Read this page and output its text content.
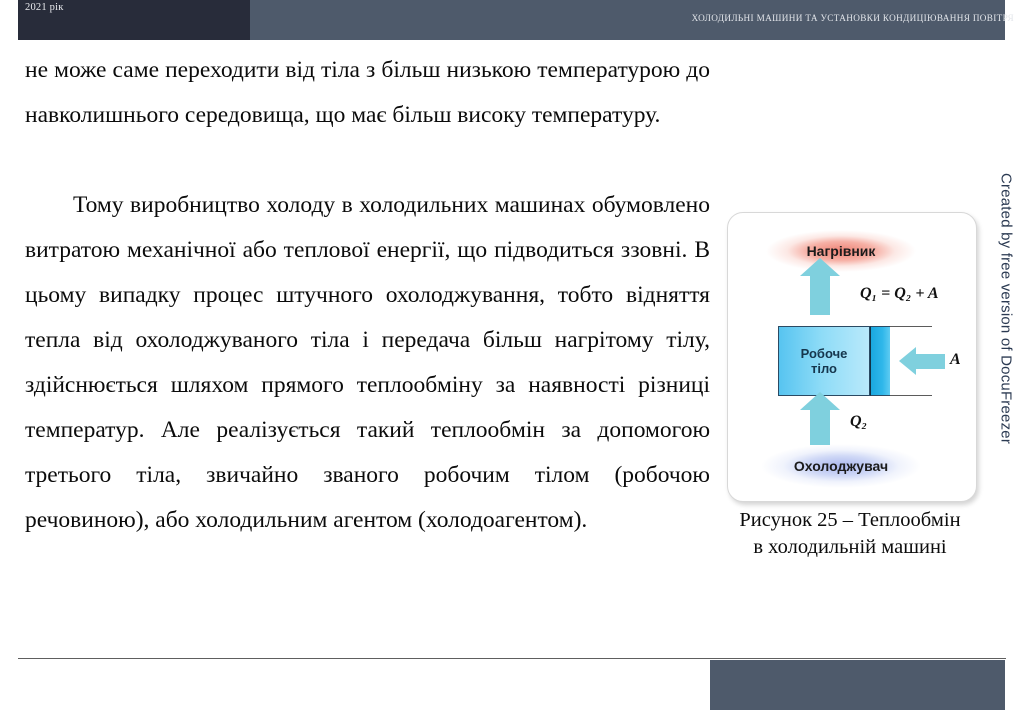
2021 рік
ХОЛОДИЛЬНІ МАШИНИ ТА УСТАНОВКИ КОНДИЦІЮВАННЯ ПОВІТРЯ
Created by free version of DocuFreezer

не може саме переходити від тіла з більш низькою температурою до навколишнього середовища, що має більш високу температуру.

Тому виробництво холоду в холодильних машинах обумовлено витратою механічної або теплової енергії, що підводиться ззовні. В цьому випадку процес штучного охолоджування, тобто відняття тепла від охолоджуваного тіла і передача більш нагрітому тілу, здійснюється шляхом прямого теплообміну за наявності різниці температур. Але реалізується такий теплообмін за допомогою третього тіла, звичайно званого робочим тілом (робочою речовиною), або холодильним агентом (холодоагентом).

Нагрівник
Q₁ = Q₂ + A
Робоче
тіло
A
Q₂
Охолоджувач
Рисунок 25 – Теплообмін
в холодильній машині
